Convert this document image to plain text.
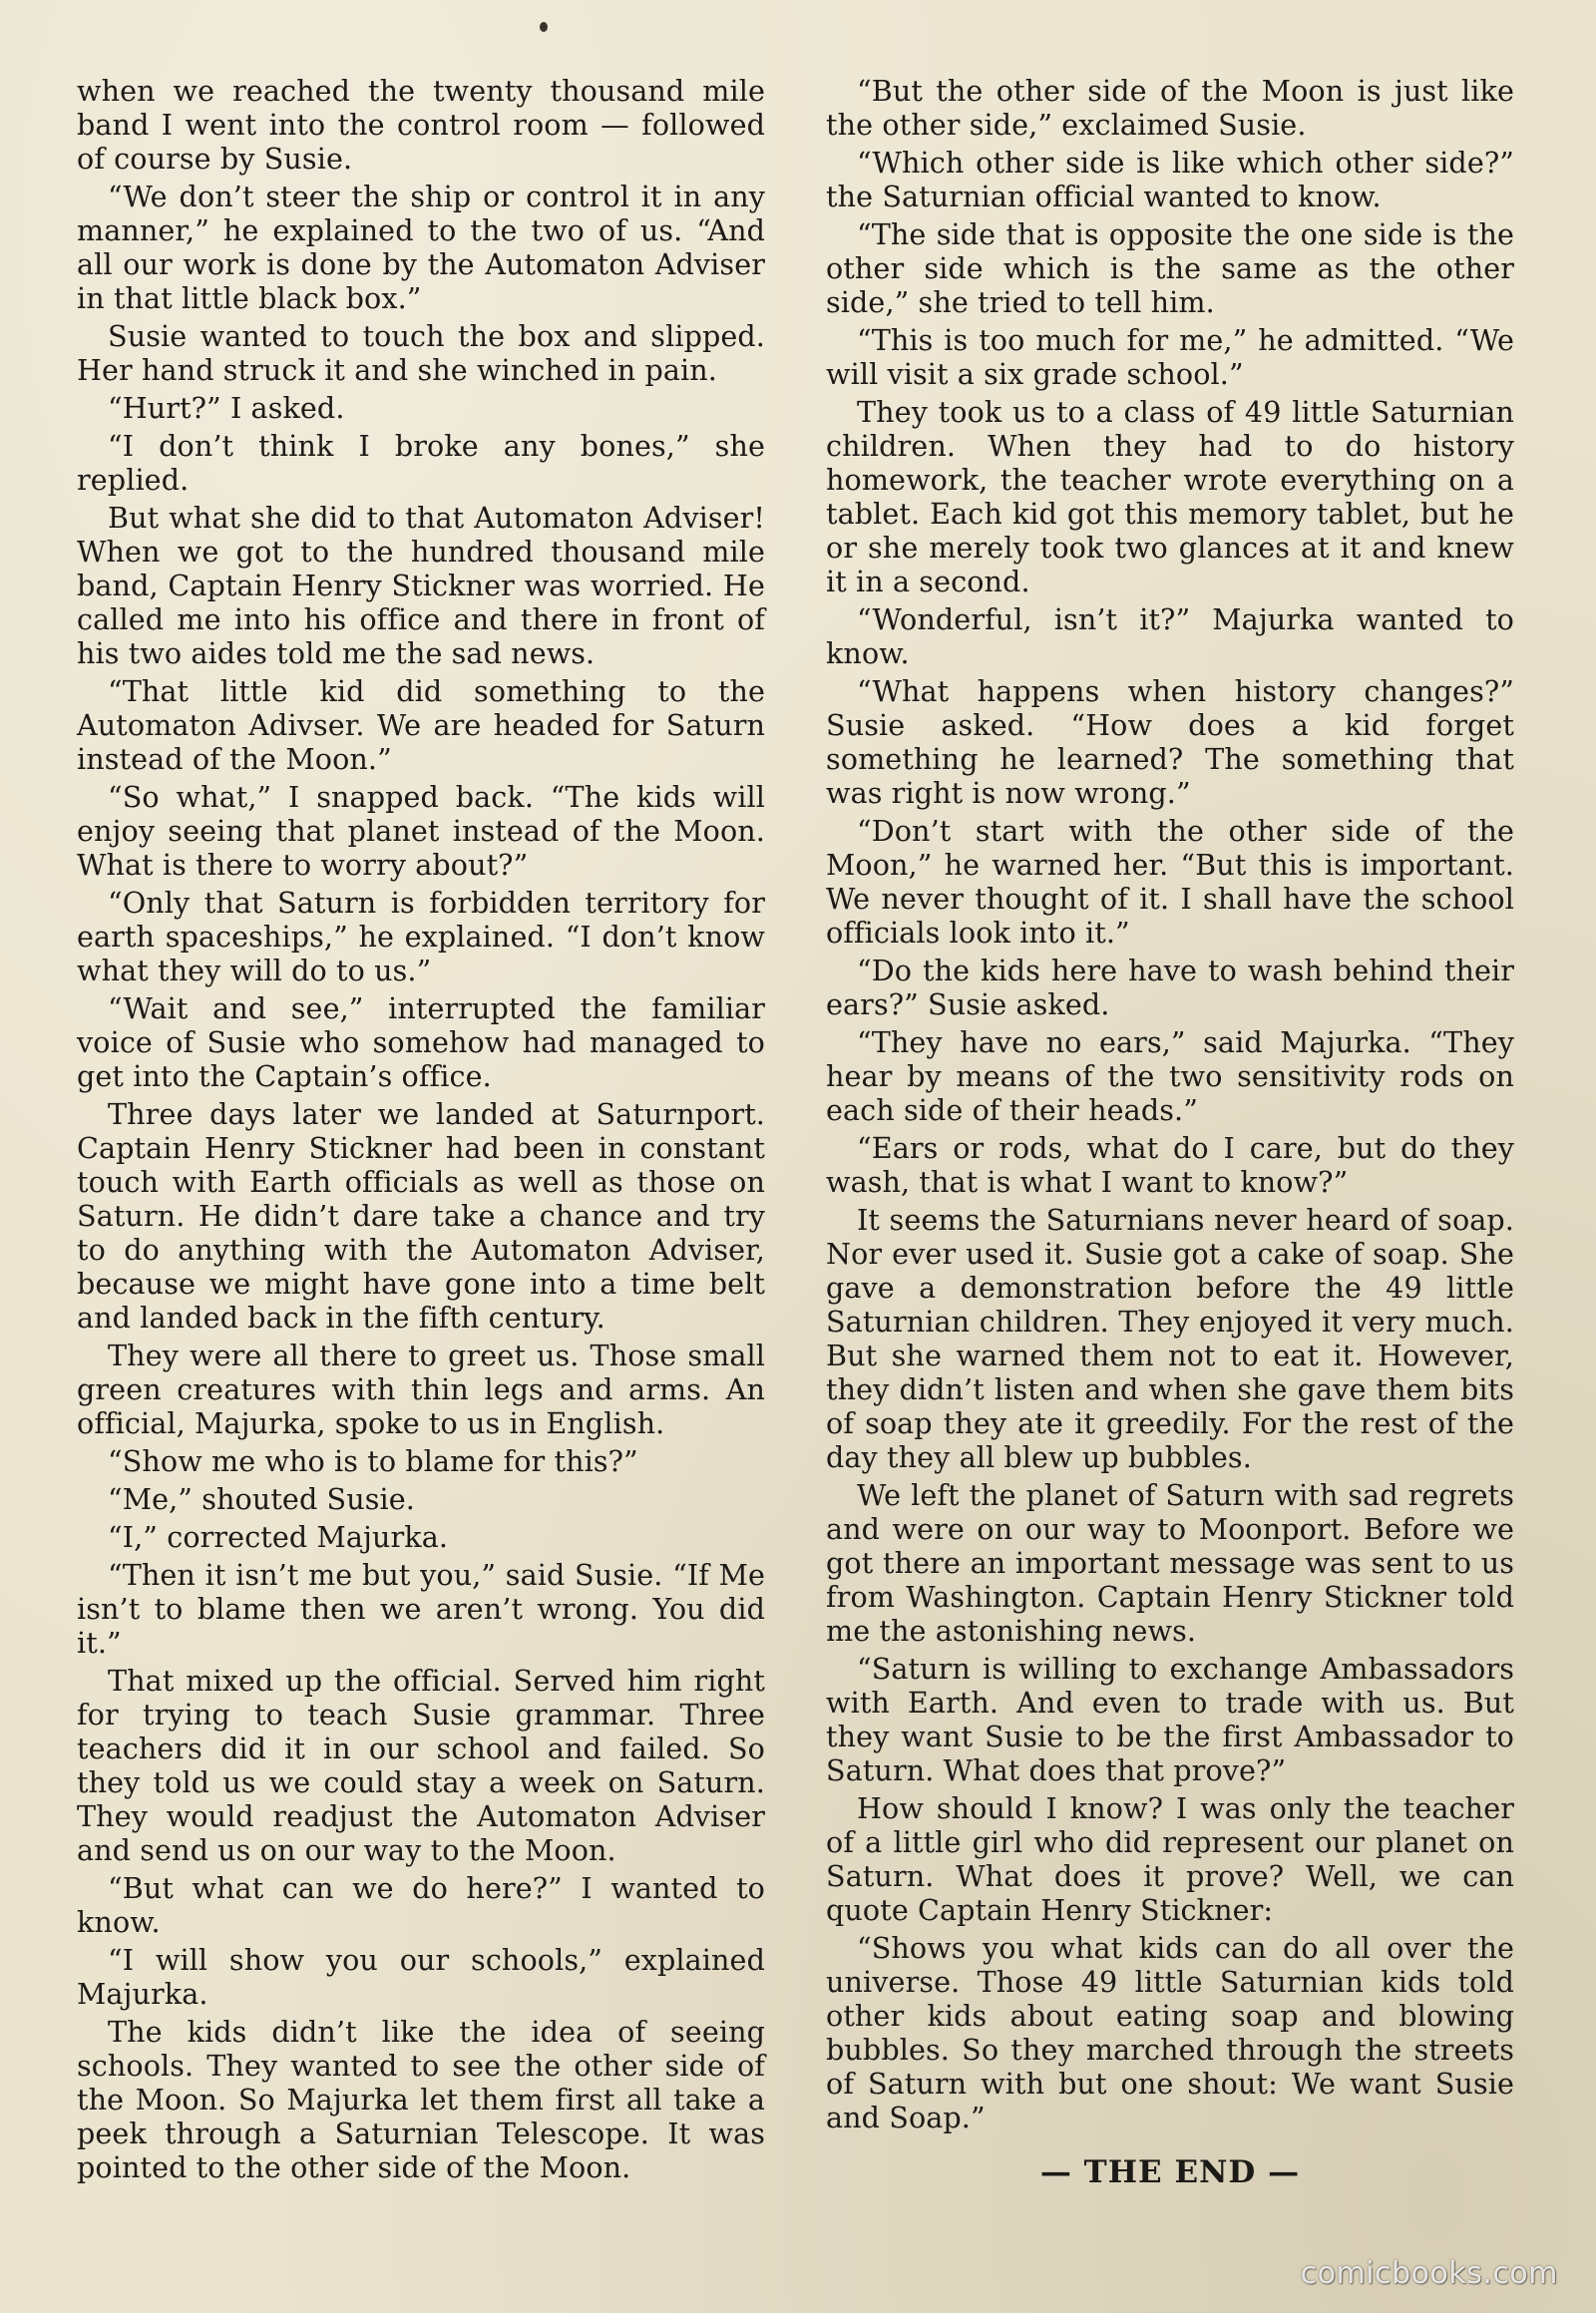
when we reached the twenty thousand mile band I went into the control room — followed of course by Susie.

“We don’t steer the ship or control it in any manner,” he explained to the two of us. “And all our work is done by the Automaton Adviser in that little black box.”

Susie wanted to touch the box and slipped. Her hand struck it and she winched in pain.

“Hurt?” I asked.

“I don’t think I broke any bones,” she replied.

But what she did to that Automaton Adviser! When we got to the hundred thousand mile band, Captain Henry Stickner was worried. He called me into his office and there in front of his two aides told me the sad news.

“That little kid did something to the Automaton Adivser. We are headed for Saturn instead of the Moon.”

“So what,” I snapped back. “The kids will enjoy seeing that planet instead of the Moon. What is there to worry about?”

“Only that Saturn is forbidden territory for earth spaceships,” he explained. “I don’t know what they will do to us.”

“Wait and see,” interrupted the familiar voice of Susie who somehow had managed to get into the Captain’s office.

Three days later we landed at Saturnport. Captain Henry Stickner had been in constant touch with Earth officials as well as those on Saturn. He didn’t dare take a chance and try to do anything with the Automaton Adviser, because we might have gone into a time belt and landed back in the fifth century.

They were all there to greet us. Those small green creatures with thin legs and arms. An official, Majurka, spoke to us in English.

“Show me who is to blame for this?”

“Me,” shouted Susie.

“I,” corrected Majurka.

“Then it isn’t me but you,” said Susie. “If Me isn’t to blame then we aren’t wrong. You did it.”

That mixed up the official. Served him right for trying to teach Susie grammar. Three teachers did it in our school and failed. So they told us we could stay a week on Saturn. They would readjust the Automaton Adviser and send us on our way to the Moon.

“But what can we do here?” I wanted to know.

“I will show you our schools,” explained Majurka.

The kids didn’t like the idea of seeing schools. They wanted to see the other side of the Moon. So Majurka let them first all take a peek through a Saturnian Telescope. It was pointed to the other side of the Moon.

“But the other side of the Moon is just like the other side,” exclaimed Susie.

“Which other side is like which other side?” the Saturnian official wanted to know.

“The side that is opposite the one side is the other side which is the same as the other side,” she tried to tell him.

“This is too much for me,” he admitted. “We will visit a six grade school.”

They took us to a class of 49 little Saturnian children. When they had to do history homework, the teacher wrote everything on a tablet. Each kid got this memory tablet, but he or she merely took two glances at it and knew it in a second.

“Wonderful, isn’t it?” Majurka wanted to know.

“What happens when history changes?” Susie asked. “How does a kid forget something he learned? The something that was right is now wrong.”

“Don’t start with the other side of the Moon,” he warned her. “But this is important. We never thought of it. I shall have the school officials look into it.”

“Do the kids here have to wash behind their ears?” Susie asked.

“They have no ears,” said Majurka. “They hear by means of the two sensitivity rods on each side of their heads.”

“Ears or rods, what do I care, but do they wash, that is what I want to know?”

It seems the Saturnians never heard of soap. Nor ever used it. Susie got a cake of soap. She gave a demonstration before the 49 little Saturnian children. They enjoyed it very much. But she warned them not to eat it. However, they didn’t listen and when she gave them bits of soap they ate it greedily. For the rest of the day they all blew up bubbles.

We left the planet of Saturn with sad regrets and were on our way to Moonport. Before we got there an important message was sent to us from Washington. Captain Henry Stickner told me the astonishing news.

“Saturn is willing to exchange Ambassadors with Earth. And even to trade with us. But they want Susie to be the first Ambassador to Saturn. What does that prove?”

How should I know? I was only the teacher of a little girl who did represent our planet on Saturn. What does it prove? Well, we can quote Captain Henry Stickner:

“Shows you what kids can do all over the universe. Those 49 little Saturnian kids told other kids about eating soap and blowing bubbles. So they marched through the streets of Saturn with but one shout: We want Susie and Soap.”

— THE END —
comicbooks.com
